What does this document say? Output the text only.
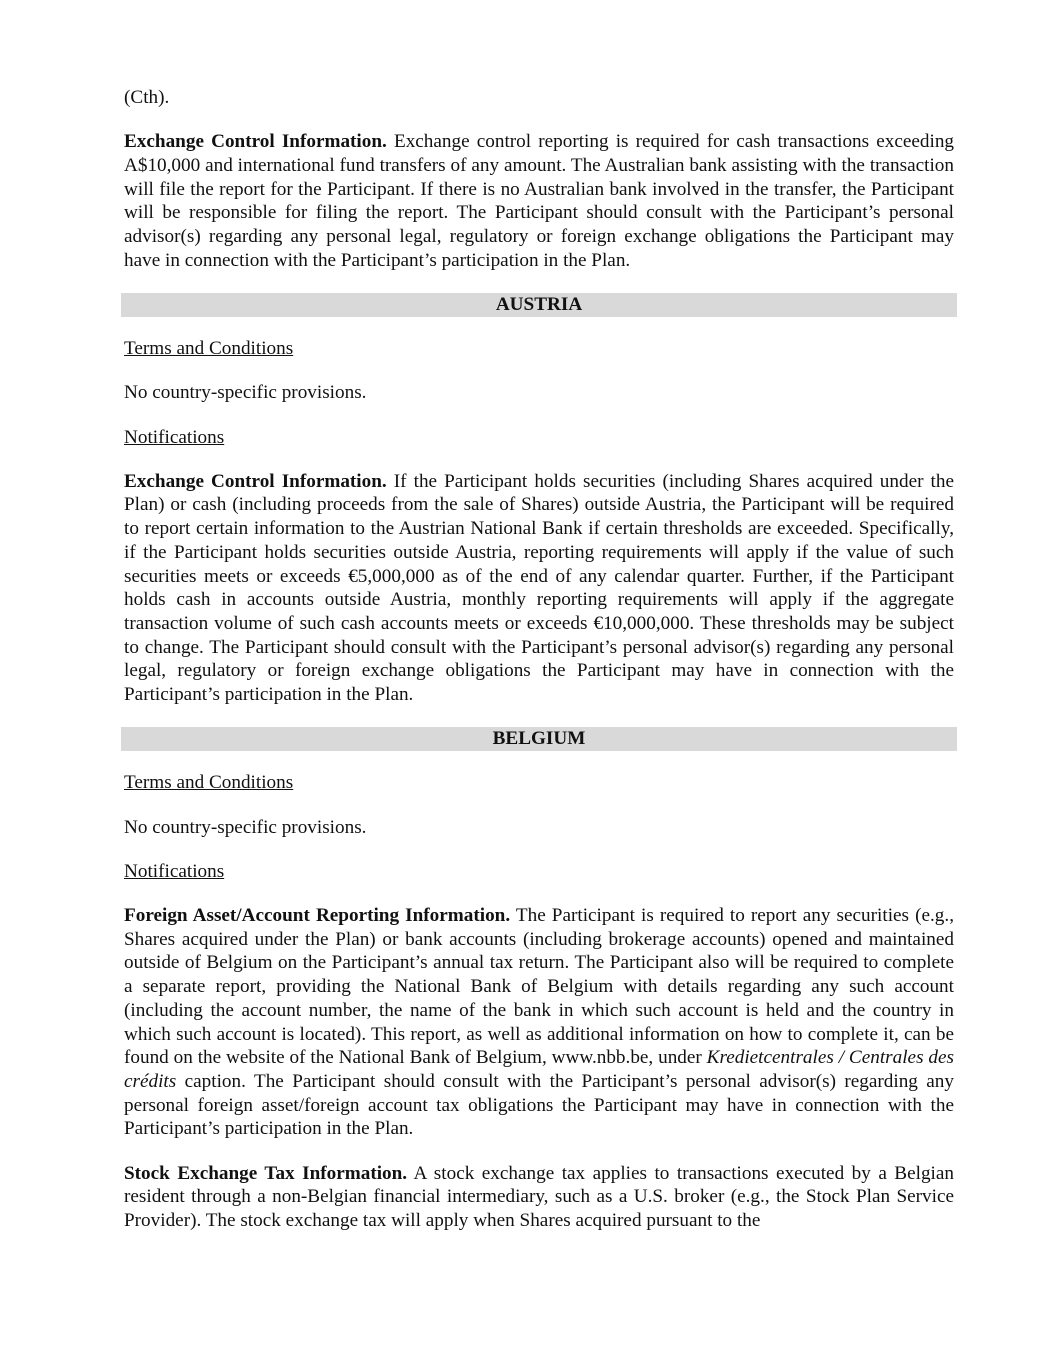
(Cth).

Exchange Control Information. Exchange control reporting is required for cash transactions exceeding A$10,000 and international fund transfers of any amount. The Australian bank assisting with the transaction will file the report for the Participant. If there is no Australian bank involved in the transfer, the Participant will be responsible for filing the report. The Participant should consult with the Participant’s personal advisor(s) regarding any personal legal, regulatory or foreign exchange obligations the Participant may have in connection with the Participant’s participation in the Plan.

AUSTRIA

Terms and Conditions

No country-specific provisions.

Notifications

Exchange Control Information. If the Participant holds securities (including Shares acquired under the Plan) or cash (including proceeds from the sale of Shares) outside Austria, the Participant will be required to report certain information to the Austrian National Bank if certain thresholds are exceeded. Specifically, if the Participant holds securities outside Austria, reporting requirements will apply if the value of such securities meets or exceeds €5,000,000 as of the end of any calendar quarter. Further, if the Participant holds cash in accounts outside Austria, monthly reporting requirements will apply if the aggregate transaction volume of such cash accounts meets or exceeds €10,000,000. These thresholds may be subject to change. The Participant should consult with the Participant’s personal advisor(s) regarding any personal legal, regulatory or foreign exchange obligations the Participant may have in connection with the Participant’s participation in the Plan.

BELGIUM

Terms and Conditions

No country-specific provisions.

Notifications

Foreign Asset/Account Reporting Information. The Participant is required to report any securities (e.g., Shares acquired under the Plan) or bank accounts (including brokerage accounts) opened and maintained outside of Belgium on the Participant’s annual tax return. The Participant also will be required to complete a separate report, providing the National Bank of Belgium with details regarding any such account (including the account number, the name of the bank in which such account is held and the country in which such account is located). This report, as well as additional information on how to complete it, can be found on the website of the National Bank of Belgium, www.nbb.be, under Kredietcentrales / Centrales des crédits caption. The Participant should consult with the Participant’s personal advisor(s) regarding any personal foreign asset/foreign account tax obligations the Participant may have in connection with the Participant’s participation in the Plan.

Stock Exchange Tax Information. A stock exchange tax applies to transactions executed by a Belgian resident through a non-Belgian financial intermediary, such as a U.S. broker (e.g., the Stock Plan Service Provider). The stock exchange tax will apply when Shares acquired pursuant to the
